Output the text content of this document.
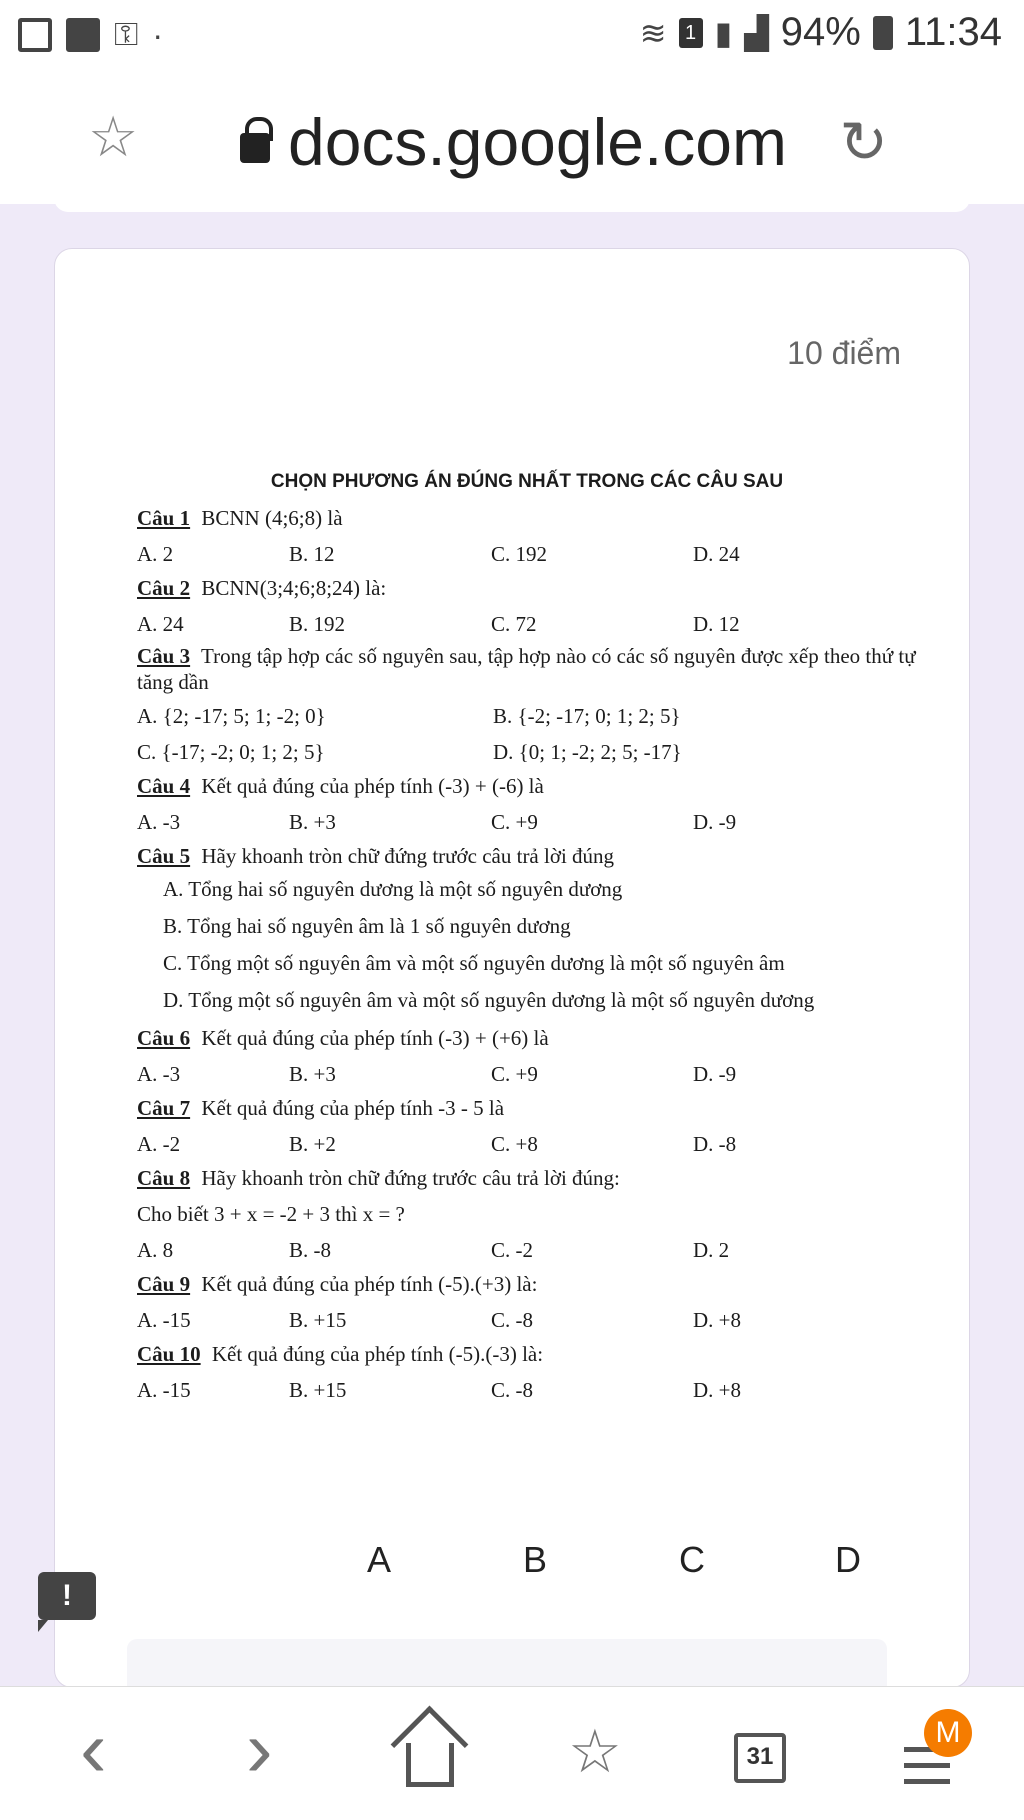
⚿ ·	≋ 1 ▮ ▟ 94% 11:34
☆ docs.google.com ↻
10 điểm
CHỌN PHƯƠNG ÁN ĐÚNG NHẤT TRONG CÁC CÂU SAU
Câu 1 BCNN (4;6;8) là
A. 2	B. 12	C. 192	D. 24
Câu 2 BCNN(3;4;6;8;24) là:
A. 24	B. 192	C. 72	D. 12
Câu 3 Trong tập hợp các số nguyên sau, tập hợp nào có các số nguyên được xếp theo thứ tự tăng dần
A. {2; -17; 5; 1; -2; 0}	B. {-2; -17; 0; 1; 2; 5}
C. {-17; -2; 0; 1; 2; 5}	D. {0; 1; -2; 2; 5; -17}
Câu 4 Kết quả đúng của phép tính (-3) + (-6) là
A. -3	B. +3	C. +9	D. -9
Câu 5 Hãy khoanh tròn chữ đứng trước câu trả lời đúng
A. Tổng hai số nguyên dương là một số nguyên dương
B. Tổng hai số nguyên âm là 1 số nguyên dương
C. Tổng một số nguyên âm và một số nguyên dương là một số nguyên âm
D. Tổng một số nguyên âm và một số nguyên dương là một số nguyên dương
Câu 6 Kết quả đúng của phép tính (-3) + (+6) là
A. -3	B. +3	C. +9	D. -9
Câu 7 Kết quả đúng của phép tính -3 - 5 là
A. -2	B. +2	C. +8	D. -8
Câu 8 Hãy khoanh tròn chữ đứng trước câu trả lời đúng:
Cho biết 3 + x = -2 + 3 thì x = ?
A. 8	B. -8	C. -2	D. 2
Câu 9 Kết quả đúng của phép tính (-5).(+3) là:
A. -15	B. +15	C. -8	D. +8
Câu 10 Kết quả đúng của phép tính (-5).(-3) là:
A. -15	B. +15	C. -8	D. +8
A	B	C	D
!
‹ ›	☆	31
M
